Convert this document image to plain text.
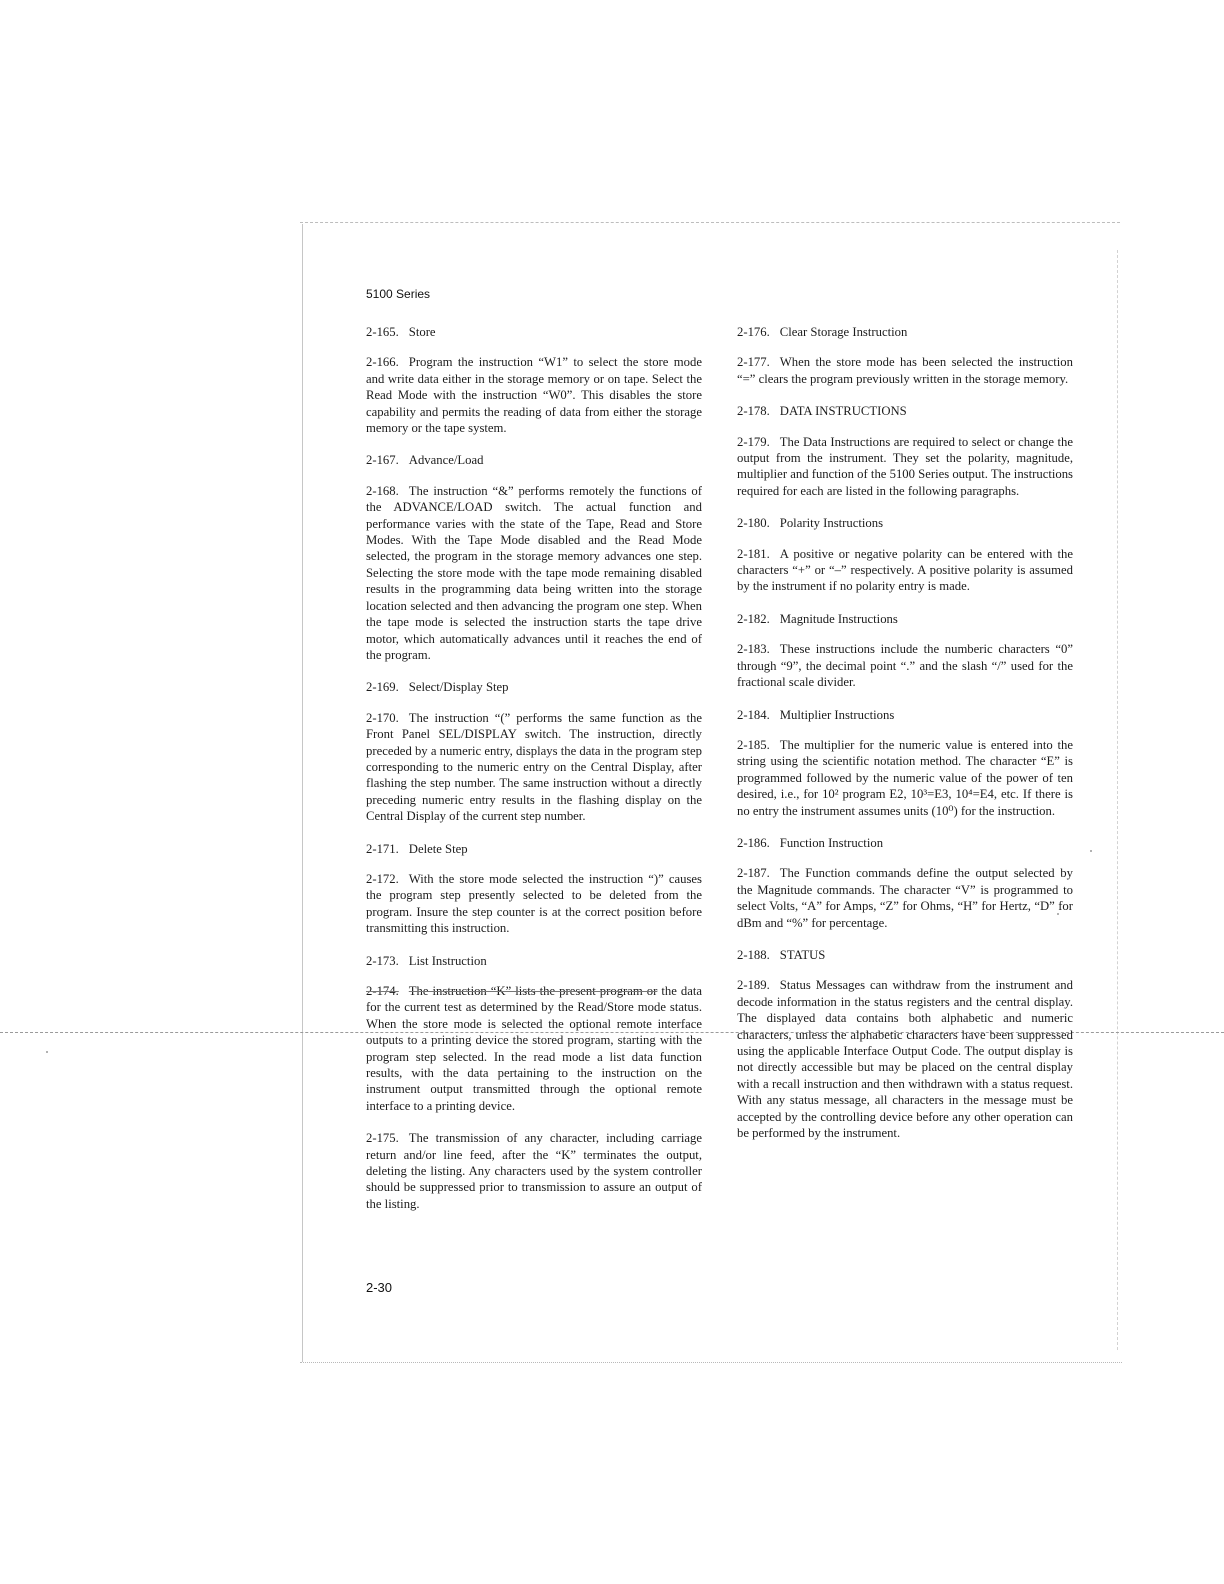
5100 Series
2-165. Store
2-166. Program the instruction “W1” to select the store mode and write data either in the storage memory or on tape. Select the Read Mode with the instruction “W0”. This disables the store capability and permits the reading of data from either the storage memory or the tape system.
2-167. Advance/Load
2-168. The instruction “&” performs remotely the functions of the ADVANCE/LOAD switch. The actual function and performance varies with the state of the Tape, Read and Store Modes. With the Tape Mode disabled and the Read Mode selected, the program in the storage memory advances one step. Selecting the store mode with the tape mode remaining disabled results in the programming data being written into the storage location selected and then advancing the program one step. When the tape mode is selected the instruction starts the tape drive motor, which automatically advances until it reaches the end of the program.
2-169. Select/Display Step
2-170. The instruction “(” performs the same function as the Front Panel SEL/DISPLAY switch. The instruction, directly preceded by a numeric entry, displays the data in the program step corresponding to the numeric entry on the Central Display, after flashing the step number. The same instruction without a directly preceding numeric entry results in the flashing display on the Central Display of the current step number.
2-171. Delete Step
2-172. With the store mode selected the instruction “)” causes the program step presently selected to be deleted from the program. Insure the step counter is at the correct position before transmitting this instruction.
2-173. List Instruction
2-174. The instruction “K” lists the present program or the data for the current test as determined by the Read/Store mode status. When the store mode is selected the optional remote interface outputs to a printing device the stored program, starting with the program step selected. In the read mode a list data function results, with the data pertaining to the instruction on the instrument output transmitted through the optional remote interface to a printing device.
2-175. The transmission of any character, including carriage return and/or line feed, after the “K” terminates the output, deleting the listing. Any characters used by the system controller should be suppressed prior to transmission to assure an output of the listing.
2-176. Clear Storage Instruction
2-177. When the store mode has been selected the instruction “=” clears the program previously written in the storage memory.
2-178. DATA INSTRUCTIONS
2-179. The Data Instructions are required to select or change the output from the instrument. They set the polarity, magnitude, multiplier and function of the 5100 Series output. The instructions required for each are listed in the following paragraphs.
2-180. Polarity Instructions
2-181. A positive or negative polarity can be entered with the characters “+” or “–” respectively. A positive polarity is assumed by the instrument if no polarity entry is made.
2-182. Magnitude Instructions
2-183. These instructions include the numberic characters “0” through “9”, the decimal point “.” and the slash “/” used for the fractional scale divider.
2-184. Multiplier Instructions
2-185. The multiplier for the numeric value is entered into the string using the scientific notation method. The character “E” is programmed followed by the numeric value of the power of ten desired, i.e., for 10² program E2, 10³=E3, 10⁴=E4, etc. If there is no entry the instrument assumes units (10⁰) for the instruction.
2-186. Function Instruction
2-187. The Function commands define the output selected by the Magnitude commands. The character “V” is programmed to select Volts, “A” for Amps, “Z” for Ohms, “H” for Hertz, “D” for dBm and “%” for percentage.
2-188. STATUS
2-189. Status Messages can withdraw from the instrument and decode information in the status registers and the central display. The displayed data contains both alphabetic and numeric characters, unless the alphabetic characters have been suppressed using the applicable Interface Output Code. The output display is not directly accessible but may be placed on the central display with a recall instruction and then withdrawn with a status request. With any status message, all characters in the message must be accepted by the controlling device before any other operation can be performed by the instrument.
2-30
